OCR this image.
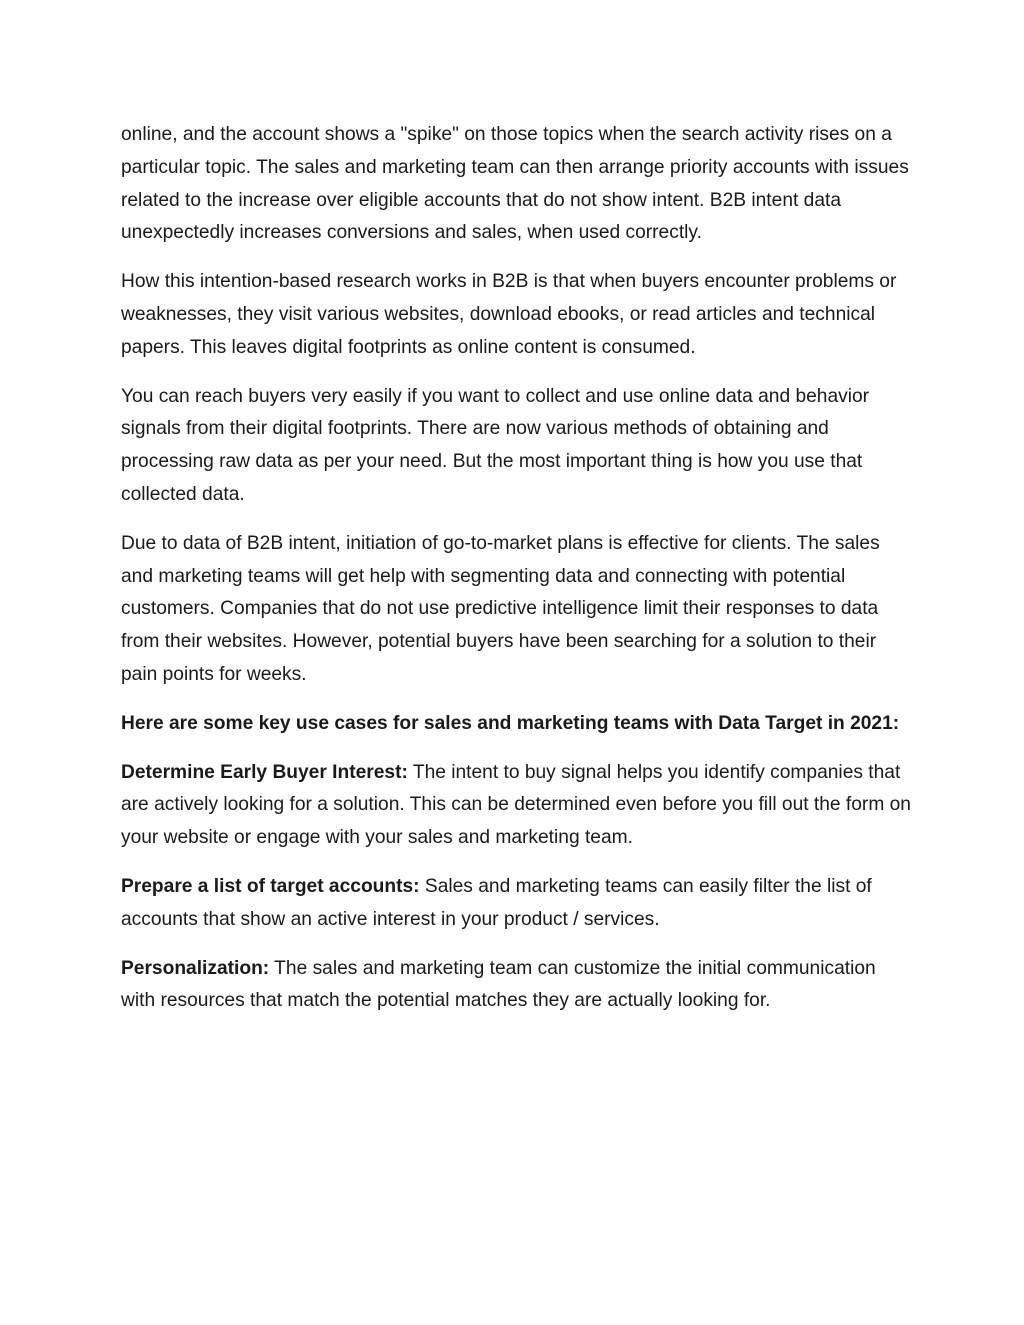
online, and the account shows a "spike" on those topics when the search activity rises on a particular topic. The sales and marketing team can then arrange priority accounts with issues related to the increase over eligible accounts that do not show intent. B2B intent data unexpectedly increases conversions and sales, when used correctly.

How this intention-based research works in B2B is that when buyers encounter problems or weaknesses, they visit various websites, download ebooks, or read articles and technical papers. This leaves digital footprints as online content is consumed.

You can reach buyers very easily if you want to collect and use online data and behavior signals from their digital footprints. There are now various methods of obtaining and processing raw data as per your need. But the most important thing is how you use that collected data.

Due to data of B2B intent, initiation of go-to-market plans is effective for clients. The sales and marketing teams will get help with segmenting data and connecting with potential customers. Companies that do not use predictive intelligence limit their responses to data from their websites. However, potential buyers have been searching for a solution to their pain points for weeks.

Here are some key use cases for sales and marketing teams with Data Target in 2021:

Determine Early Buyer Interest: The intent to buy signal helps you identify companies that are actively looking for a solution. This can be determined even before you fill out the form on your website or engage with your sales and marketing team.

Prepare a list of target accounts: Sales and marketing teams can easily filter the list of accounts that show an active interest in your product / services.

Personalization: The sales and marketing team can customize the initial communication with resources that match the potential matches they are actually looking for.
